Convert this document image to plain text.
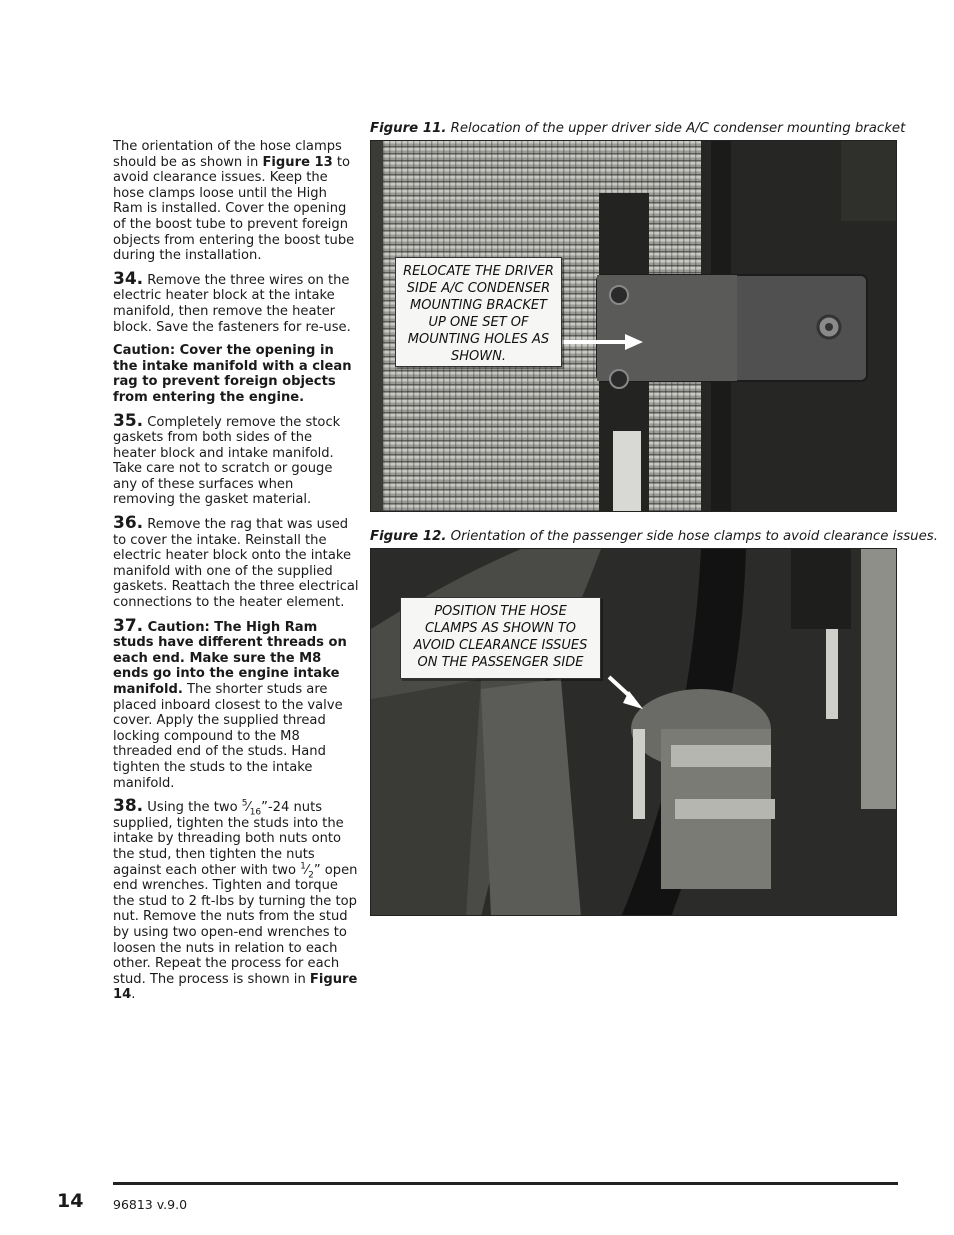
The orientation of the hose clamps should be as shown in Figure 13 to avoid clearance issues. Keep the hose clamps loose until the High Ram is installed. Cover the opening of the boost tube to prevent foreign objects from entering the boost tube during the installation.

34. Remove the three wires on the electric heater block at the intake manifold, then remove the heater block. Save the fasteners for re-use.

Caution: Cover the opening in the intake manifold with a clean rag to prevent foreign objects from entering the engine.

35. Completely remove the stock gaskets from both sides of the heater block and intake manifold. Take care not to scratch or gouge any of these surfaces when removing the gasket material.

36. Remove the rag that was used to cover the intake. Reinstall the electric heater block onto the intake manifold with one of the supplied gaskets. Reattach the three electrical connections to the heater element.

37. Caution: The High Ram studs have different threads on each end. Make sure the M8 ends go into the engine intake manifold. The shorter studs are placed inboard closest to the valve cover. Apply the supplied thread locking compound to the M8 threaded end of the studs. Hand tighten the studs to the intake manifold.

38. Using the two $^5⁄_{16}”-24$ nuts supplied, tighten the studs into the intake by threading both nuts onto the stud, then tighten the nuts against each other with two $^1⁄_2$” open end wrenches. Tighten and torque the stud to 2 ft-lbs by turning the top nut. Remove the nuts from the stud by using two open-end wrenches to loosen the nuts in relation to each other. Repeat the process for each stud. The process is shown in Figure 14.

Figure 11. Relocation of the upper driver side A/C condenser mounting bracket
RELOCATE THE DRIVER SIDE A/C CONDENSER MOUNTING BRACKET UP ONE SET OF MOUNTING HOLES AS SHOWN.
Figure 12. Orientation of the passenger side hose clamps to avoid clearance issues.
POSITION THE HOSE CLAMPS AS SHOWN TO AVOID CLEARANCE ISSUES ON THE PASSENGER SIDE
14 96813 v.9.0
